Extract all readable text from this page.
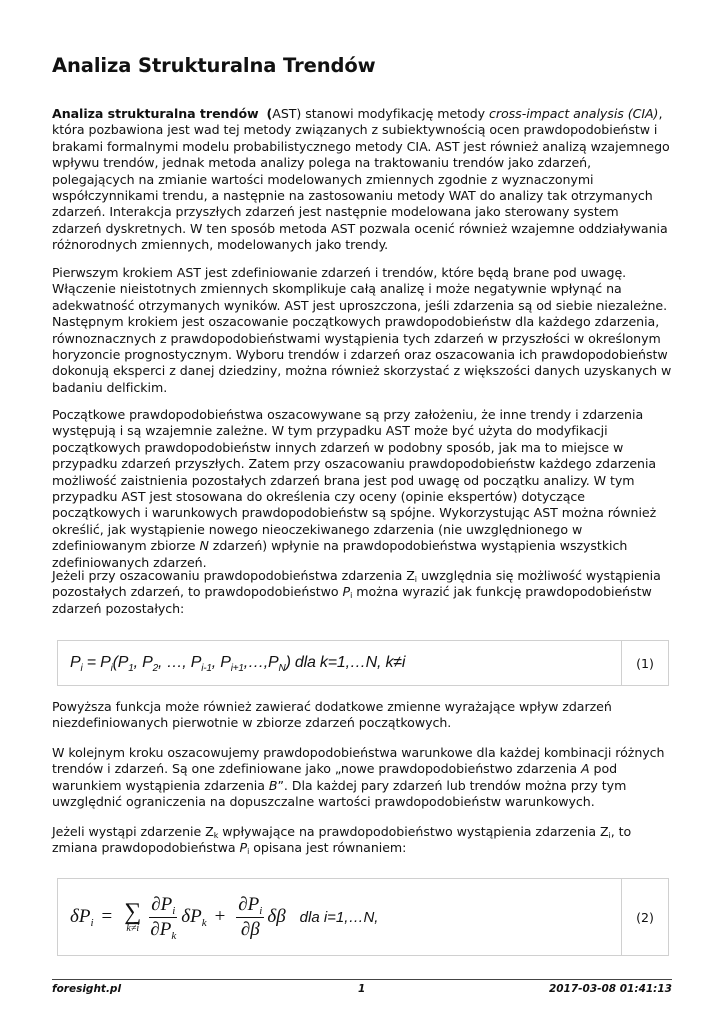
Analiza Strukturalna Trendów

Analiza strukturalna trendów (AST) stanowi modyfikację metody cross-impact analysis (CIA), która pozbawiona jest wad tej metody związanych z subiektywnością ocen prawdopodobieństw i brakami formalnymi modelu probabilistycznego metody CIA. AST jest również analizą wzajemnego wpływu trendów, jednak metoda analizy polega na traktowaniu trendów jako zdarzeń, polegających na zmianie wartości modelowanych zmiennych zgodnie z wyznaczonymi współczynnikami trendu, a następnie na zastosowaniu metody WAT do analizy tak otrzymanych zdarzeń. Interakcja przyszłych zdarzeń jest następnie modelowana jako sterowany system zdarzeń dyskretnych. W ten sposób metoda AST pozwala ocenić również wzajemne oddziaływania różnorodnych zmiennych, modelowanych jako trendy.

Pierwszym krokiem AST jest zdefiniowanie zdarzeń i trendów, które będą brane pod uwagę. Włączenie nieistotnych zmiennych skomplikuje całą analizę i może negatywnie wpłynąć na adekwatność otrzymanych wyników. AST jest uproszczona, jeśli zdarzenia są od siebie niezależne. Następnym krokiem jest oszacowanie początkowych prawdopodobieństw dla każdego zdarzenia, równoznacznych z prawdopodobieństwami wystąpienia tych zdarzeń w przyszłości w określonym horyzoncie prognostycznym. Wyboru trendów i zdarzeń oraz oszacowania ich prawdopodobieństw dokonują eksperci z danej dziedziny, można również skorzystać z większości danych uzyskanych w badaniu delfickim.

Początkowe prawdopodobieństwa oszacowywane są przy założeniu, że inne trendy i zdarzenia występują i są wzajemnie zależne. W tym przypadku AST może być użyta do modyfikacji początkowych prawdopodobieństw innych zdarzeń w podobny sposób, jak ma to miejsce w przypadku zdarzeń przyszłych. Zatem przy oszacowaniu prawdopodobieństw każdego zdarzenia możliwość zaistnienia pozostałych zdarzeń brana jest pod uwagę od początku analizy. W tym przypadku AST jest stosowana do określenia czy oceny (opinie ekspertów) dotyczące początkowych i warunkowych prawdopodobieństw są spójne. Wykorzystując AST można również określić, jak wystąpienie nowego nieoczekiwanego zdarzenia (nie uwzględnionego w zdefiniowanym zbiorze N zdarzeń) wpłynie na prawdopodobieństwa wystąpienia wszystkich zdefiniowanych zdarzeń.

Jeżeli przy oszacowaniu prawdopodobieństwa zdarzenia $Z_i$ uwzględnia się możliwość wystąpienia pozostałych zdarzeń, to prawdopodobieństwo $P_i$ można wyrazić jak funkcję prawdopodobieństw zdarzeń pozostałych:

$P_i = P_i(P_1$, $P_2$, …, $P_{i-1}$, $P_{i+1},\dots,P_N$) dla k=1,…N, k≠i	(1)

Powyższa funkcja może również zawierać dodatkowe zmienne wyrażające wpływ zdarzeń niezdefiniowanych pierwotnie w zbiorze zdarzeń początkowych.

W kolejnym kroku oszacowujemy prawdopodobieństwa warunkowe dla każdej kombinacji różnych trendów i zdarzeń. Są one zdefiniowane jako „nowe prawdopodobieństwo zdarzenia A pod warunkiem wystąpienia zdarzenia B”. Dla każdej pary zdarzeń lub trendów można przy tym uwzględnić ograniczenia na dopuszczalne wartości prawdopodobieństw warunkowych.

Jeżeli wystąpi zdarzenie $Z_k$ wpływające na prawdopodobieństwo wystąpienia zdarzenia $Z_i$, to zmiana prawdopodobieństwa $P_i$ opisana jest równaniem:

$\delta P_i$ = ∑
$k\ne i \frac{\partial P_i}{\partial P_k} \delta P_k + \frac{\partial P_i}{\partial\beta}$ δβ dla i=1,…N,	(2)
foresight.pl	1	2017-03-08 01:41:13
